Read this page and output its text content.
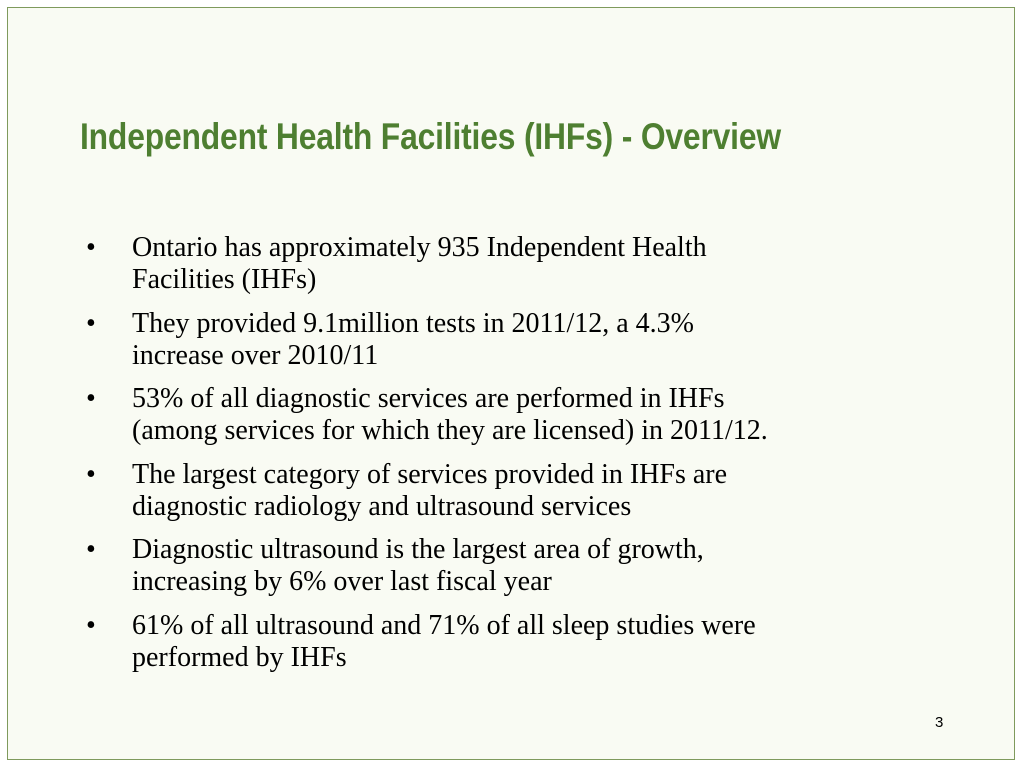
Independent Health Facilities (IHFs) - Overview
• Ontario has approximately 935 Independent Health
Facilities (IHFs)
• They provided 9.1million tests in 2011/12, a 4.3%
increase over 2010/11
• 53% of all diagnostic services are performed in IHFs
(among services for which they are licensed) in 2011/12.
• The largest category of services provided in IHFs are
diagnostic radiology and ultrasound services
• Diagnostic ultrasound is the largest area of growth,
increasing by 6% over last fiscal year
• 61% of all ultrasound and 71% of all sleep studies were
performed by IHFs
3
